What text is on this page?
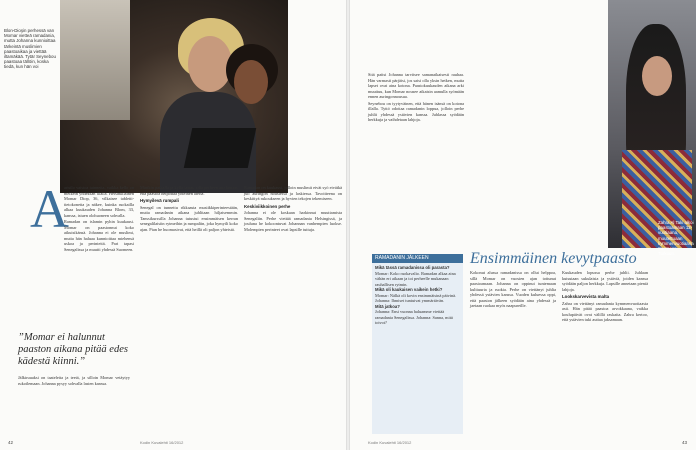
Blon-Dioşin perhessä van Momar vietteä ramadania, mutta Johanna kunnioittaa tärkeintä muslimien paastoaikaa ja viettää iltamäkää. Tytär Seynebou paastoaa tällöin, koska tiedä, kun hän voi
A

arisilo vaistoa tainnetta, vaikka kello on melkein yhdeksän illalla. Helsinkiläinen Momar Diop, 36, vilkaisee tabletti-tietokonetta ja näkee, kuinka ruokailla alkaa kuukauden Johanna Blom, 33, kanssa, istuen olohuoneen sohvalla.

Ramadan on islamin pyhin kuukausi. Momar on paastonnut koko aikuisikänsä. Johanna ei ole muslimi, mutta hän haluaa kunnioittaa miehensä uskoa ja perinteitä. Pari tapasi Senegalissa ja muutti yhdessä Suomeen.

”Momar ei halunnut paaston aikana pitää edes kädestä kiinni.”

Jälkiruuaksi on taateleita ja teetä, ja silloin Momar vetäytyy rukoilemaan. Johanna pysyy sohvalla lasten kanssa.

Minikin paikalla ja kyllä lastat, sillä perheen äiti kertoo, että paastoa helpottaa yhteinen ateria.

Hymyilevä rumpali

Senegal on tunnettu rikkaasta musiikkiperinteestään, mutta ramadanin aikana juhlitaan hiljaisemmin. Tanssikurssilla Johanna tutustui ensimmäisen kerran senegalilaisiin rytmeihin ja rumpaliin, joka hymyili koko ajan. Pian he huomasivat, että heillä oli paljon yhteistä.

Ramadan on kuukausi, jolloin muslimit eivät syö eivätkä juo auringon noustessa ja laskiessa. Tavoitteena on keskittyä rukoukseen ja hyvien tekojen tekemiseen.

Keskiviikkoinen perhe

Johanna ei ole koskaan harkinnut muuttamista Senegaliin. Perhe viettää ramadania Helsingissä, ja jouluna he kokoontuvat Johannan vanhempien luokse. Molempien perinteet ovat lapsille tuttuja.

42	Kodin Kuvalehti 16/2012

Sitä paitsi Johanna tarvitsee samanaikaisesti rauhaa. Hän varmasti pärjäisi, jos saisi olla yksin hetken, mutta lapset ovat aina kotona. Paastokuukauden aikana arki muuttuu, kun Momar nousee aikaisin aamulla syömään ennen auringonnousua.

Seynebou on tyytyväinen, että hänen isänsä on kotona illalla. Tyttö odottaa ramadanin loppua, jolloin perhe juhlii yhdessä ystävien kanssa. Juhlassa syödään herkkuja ja vaihdetaan lahjoja.

RAMADANIN JÄLKEEN
Mikä tässä ramadanissa oli parasta?
Momar: Koko ruokavalio. Ramadan alkaa aina vähän eri aikaan ja toi perheelle mukanaan rauhallisen rytmin.
Mikä oli kaukaisen vaikein hetki?
Momar: Nälkä oli kovin ensimmäisinä päivinä. Johanna: Ihmiset tuntuivat ymmärtävän.
Mitä jatkoa?
Johanna: Ensi vuonna haluamme viettää ramadania Senegalissa. Johanna: Sanna, mitä toivot?
Ensimmäinen kevytpaasto

Kokonut alussa ramadanissa on ollut helppoa, sillä Momar on vuosien ajan tottunut paastoamaan. Johanna on oppinut tuntemaan kulttuuria ja ruokia. Perhe on viettänyt juhlia yhdessä ystävien kanssa. Vuoden kuluessa oppi, että paaston jälkeen syödään aina yhdessä ja jaetaan ruokaa myös naapureille.

Kuukauden lopussa perhe juhlii. Juhlaan kutsutaan sukulaisia ja ystäviä, joiden kanssa syödään paljon herkkuja. Lapsille annetaan pieniä lahjoja.

Lookskarvevista malta

Zahra on viettänyt ramadania kymmenvuotiaasta asti. Hän pitää paastoa arvokkaana, vaikka koulupäivät ovat välillä raskaita. Zahra kertoo, että ystävien tuki auttaa jaksamaan.

Zahra Al Taki alkoi paastoamaan 12-vuotiaana, muutettuaan kymmenvuotiaana Suomeen Turkuun.
Kodin Kuvalehti 16/2012	43
